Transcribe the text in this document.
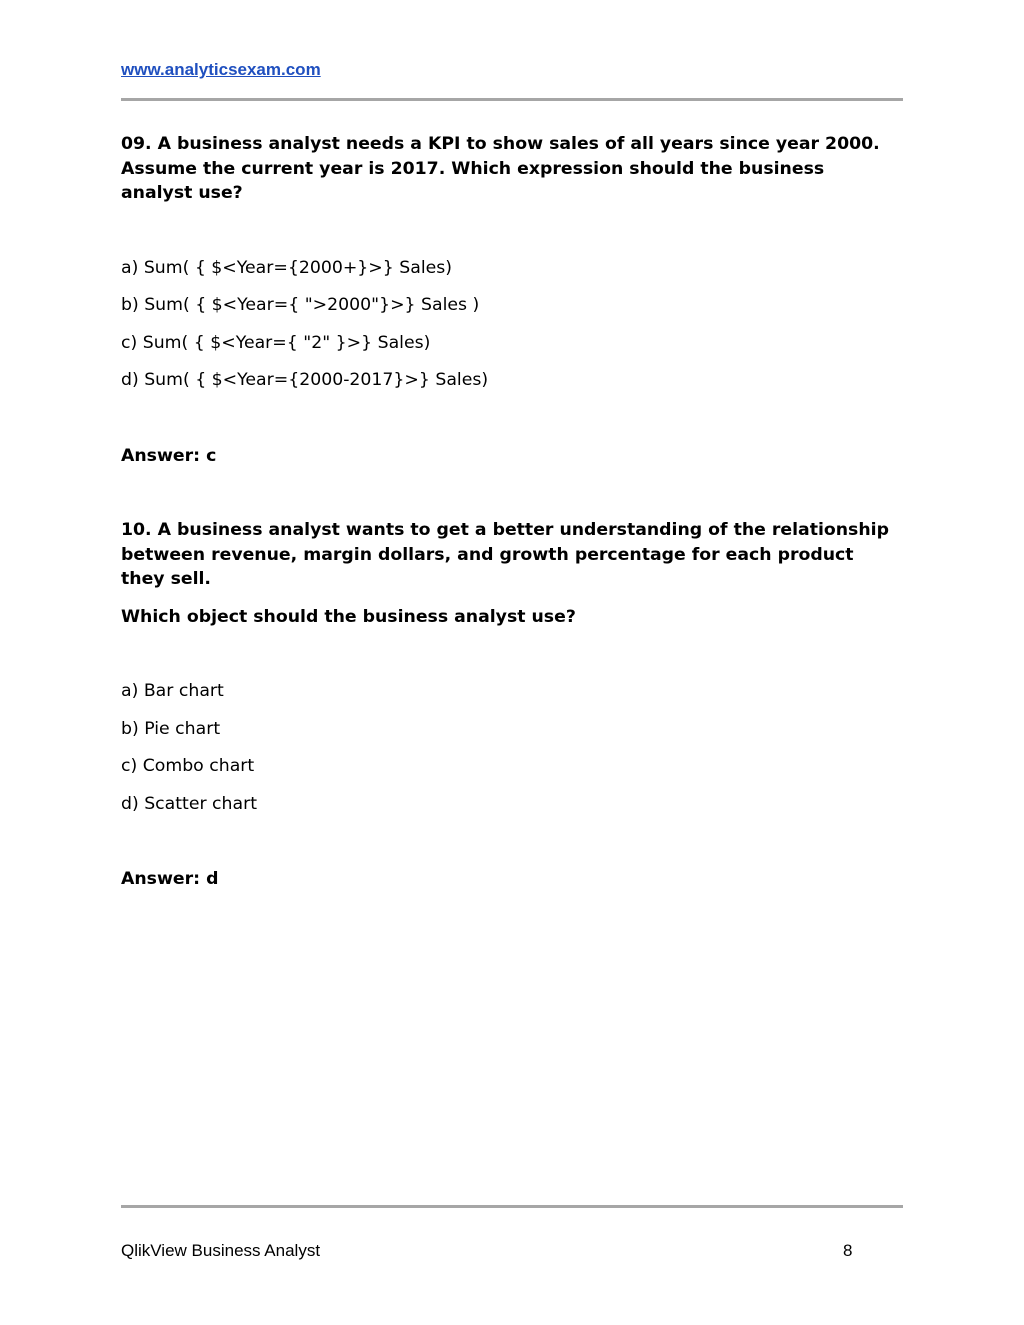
www.analyticsexam.com

09. A business analyst needs a KPI to show sales of all years since year 2000. Assume the current year is 2017. Which expression should the business analyst use?

a) Sum( { $<Year={2000+}>} Sales)
b) Sum( { $<Year={ ">2000"}>} Sales )
c) Sum( { $<Year={ "2" }>} Sales)
d) Sum( { $<Year={2000-2017}>} Sales)

Answer: c

10. A business analyst wants to get a better understanding of the relationship between revenue, margin dollars, and growth percentage for each product they sell.

Which object should the business analyst use?

a) Bar chart
b) Pie chart
c) Combo chart
d) Scatter chart

Answer: d

QlikView Business Analyst	8
